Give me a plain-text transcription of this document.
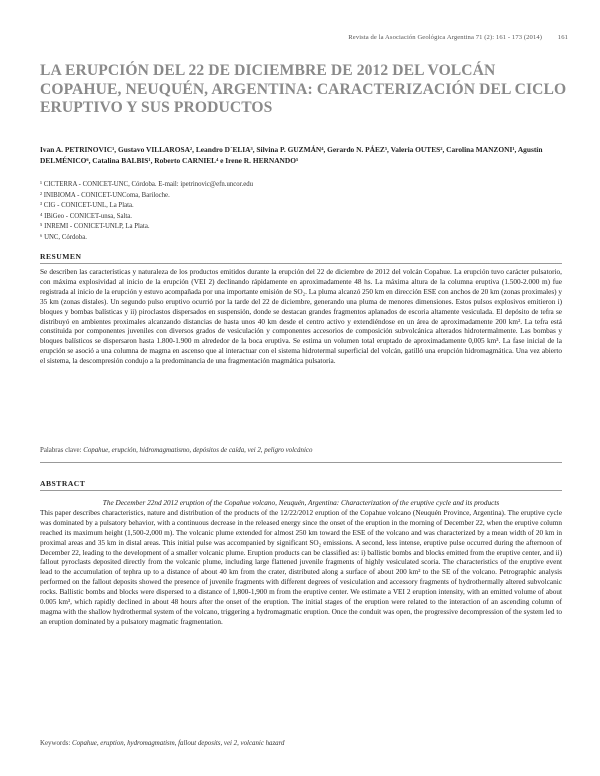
Revista de la Asociación Geológica Argentina 71 (2): 161 - 173 (2014) 161
LA ERUPCIÓN DEL 22 DE DICIEMBRE DE 2012 DEL VOLCÁN COPAHUE, NEUQUÉN, ARGENTINA: CARACTERIZACIÓN DEL CICLO ERUPTIVO Y SUS PRODUCTOS
Ivan A. PETRINOVIC¹, Gustavo VILLAROSA², Leandro D´ELIA³, Silvina P. GUZMÁN⁴, Gerardo N. PÁEZ⁵, Valeria OUTES², Carolina MANZONI¹, Agustín DELMÉNICO⁶, Catalina BALBIS¹, Roberto CARNIEL⁴ e Irene R. HERNANDO⁵
¹ CICTERRA - CONICET-UNC, Córdoba. E-mail: ipetrinovic@efn.uncor.edu
² INIBIOMA - CONICET-UNComa, Bariloche.
³ CIG - CONICET-UNL, La Plata.
⁴ IBiGeo - CONICET-unsa, Salta.
⁵ INREMI - CONICET-UNLP, La Plata.
⁶ UNC, Córdoba.
RESUMEN

Se describen las características y naturaleza de los productos emitidos durante la erupción del 22 de diciembre de 2012 del volcán Copahue. La erupción tuvo carácter pulsatorio, con máxima explosividad al inicio de la erupción (VEI 2) declinando rápidamente en aproximadamente 48 hs. La máxima altura de la columna eruptiva (1.500-2.000 m) fue registrada al inicio de la erupción y estuvo acompañada por una importante emisión de SO₂. La pluma alcanzó 250 km en dirección ESE con anchos de 20 km (zonas proximales) y 35 km (zonas distales). Un segundo pulso eruptivo ocurrió por la tarde del 22 de diciembre, generando una pluma de menores dimensiones. Estos pulsos explosivos emitieron i) bloques y bombas balísticas y ii) piroclastos dispersados en suspensión, donde se destacan grandes fragmentos aplanados de escoria altamente vesiculada. El depósito de tefra se distribuyó en ambientes proximales alcanzando distancias de hasta unos 40 km desde el centro activo y extendiéndose en un área de aproximadamente 200 km². La tefra está constituida por componentes juveniles con diversos grados de vesiculación y componentes accesorios de composición subvolcánica alterados hidrotermalmente. Las bombas y bloques balísticos se dispersaron hasta 1.800-1.900 m alrededor de la boca eruptiva. Se estima un volumen total eruptado de aproximadamente 0,005 km³. La fase inicial de la erupción se asoció a una columna de magma en ascenso que al interactuar con el sistema hidrotermal superficial del volcán, gatilló una erupción hidromagmática. Una vez abierto el sistema, la descompresión condujo a la predominancia de una fragmentación magmática pulsatoria.

Palabras clave: Copahue, erupción, hidromagmatismo, depósitos de caída, vei 2, peligro volcánico
ABSTRACT

The December 22nd 2012 eruption of the Copahue volcano, Neuquén, Argentina: Characterization of the eruptive cycle and its products

This paper describes characteristics, nature and distribution of the products of the 12/22/2012 eruption of the Copahue volcano (Neuquén Province, Argentina). The eruptive cycle was dominated by a pulsatory behavior, with a continuous decrease in the released energy since the onset of the eruption in the morning of December 22, when the eruptive column reached its maximum height (1,500-2,000 m). The volcanic plume extended for almost 250 km toward the ESE of the volcano and was characterized by a mean width of 20 km in proximal areas and 35 km in distal areas. This initial pulse was accompanied by significant SO₂ emissions. A second, less intense, eruptive pulse occurred during the afternoon of December 22, leading to the development of a smaller volcanic plume. Eruption products can be classified as: i) ballistic bombs and blocks emitted from the eruptive center, and ii) fallout pyroclasts deposited directly from the volcanic plume, including large flattened juvenile fragments of highly vesiculated scoria. The characteristics of the eruptive event lead to the accumulation of tephra up to a distance of about 40 km from the crater, distributed along a surface of about 200 km² to the SE of the volcano. Petrographic analysis performed on the fallout deposits showed the presence of juvenile fragments with different degrees of vesiculation and accessory fragments of hydrothermally altered subvolcanic rocks. Ballistic bombs and blocks were dispersed to a distance of 1,800-1,900 m from the eruptive center. We estimate a VEI 2 eruption intensity, with an emitted volume of about 0.005 km³, which rapidly declined in about 48 hours after the onset of the eruption. The initial stages of the eruption were related to the interaction of an ascending column of magma with the shallow hydrothermal system of the volcano, triggering a hydromagmatic eruption. Once the conduit was open, the progressive decompression of the system led to an eruption dominated by a pulsatory magmatic fragmentation.

Keywords: Copahue, eruption, hydromagmatism, fallout deposits, vei 2, volcanic hazard
